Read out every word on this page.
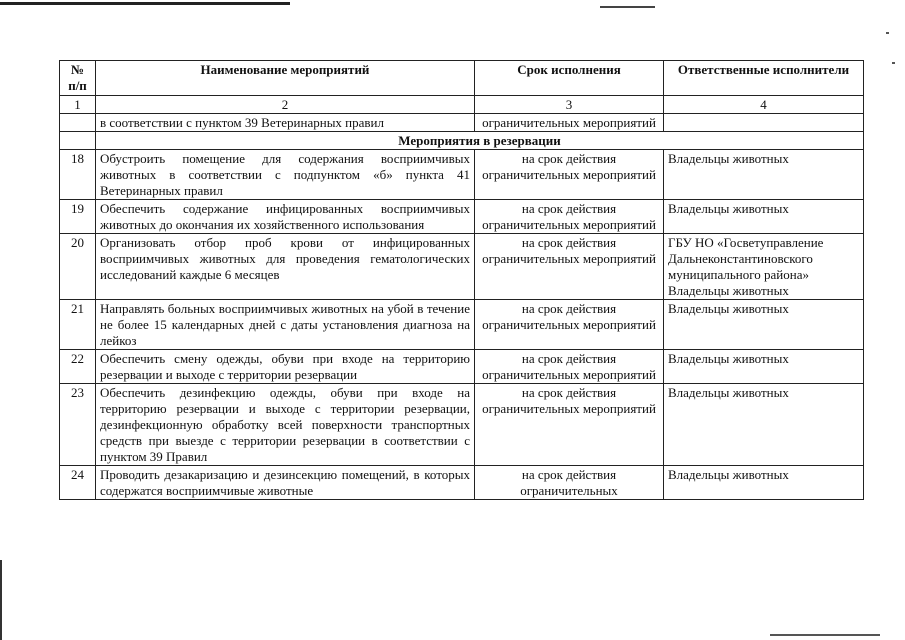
№ п/п	Наименование мероприятий	Срок исполнения	Ответственные исполнители
1	2	3	4
	в соответствии с пунктом 39 Ветеринарных правил	ограничительных мероприятий	
	Мероприятия в резервации		
18	Обустроить помещение для содержания восприимчивых животных в соответствии с подпунктом «б» пункта 41 Ветеринарных правил	на срок действия ограничительных мероприятий	Владельцы животных
19	Обеспечить содержание инфицированных восприимчивых животных до окончания их хозяйственного использования	на срок действия ограничительных мероприятий	Владельцы животных
20	Организовать отбор проб крови от инфицированных восприимчивых животных для проведения гематологических исследований каждые 6 месяцев	на срок действия ограничительных мероприятий	ГБУ НО «Госветуправление Дальнеконстантиновского муниципального района» Владельцы животных
21	Направлять больных восприимчивых животных на убой в течение не более 15 календарных дней с даты установления диагноза на лейкоз	на срок действия ограничительных мероприятий	Владельцы животных
22	Обеспечить смену одежды, обуви при входе на территорию резервации и выходе с территории резервации	на срок действия ограничительных мероприятий	Владельцы животных
23	Обеспечить дезинфекцию одежды, обуви при входе на территорию резервации и выходе с территории резервации, дезинфекционную обработку всей поверхности транспортных средств при выезде с территории резервации в соответствии с пунктом 39 Правил	на срок действия ограничительных мероприятий	Владельцы животных
24	Проводить дезакаризацию и дезинсекцию помещений, в которых содержатся восприимчивые животные	на срок действия ограничительных	Владельцы животных
